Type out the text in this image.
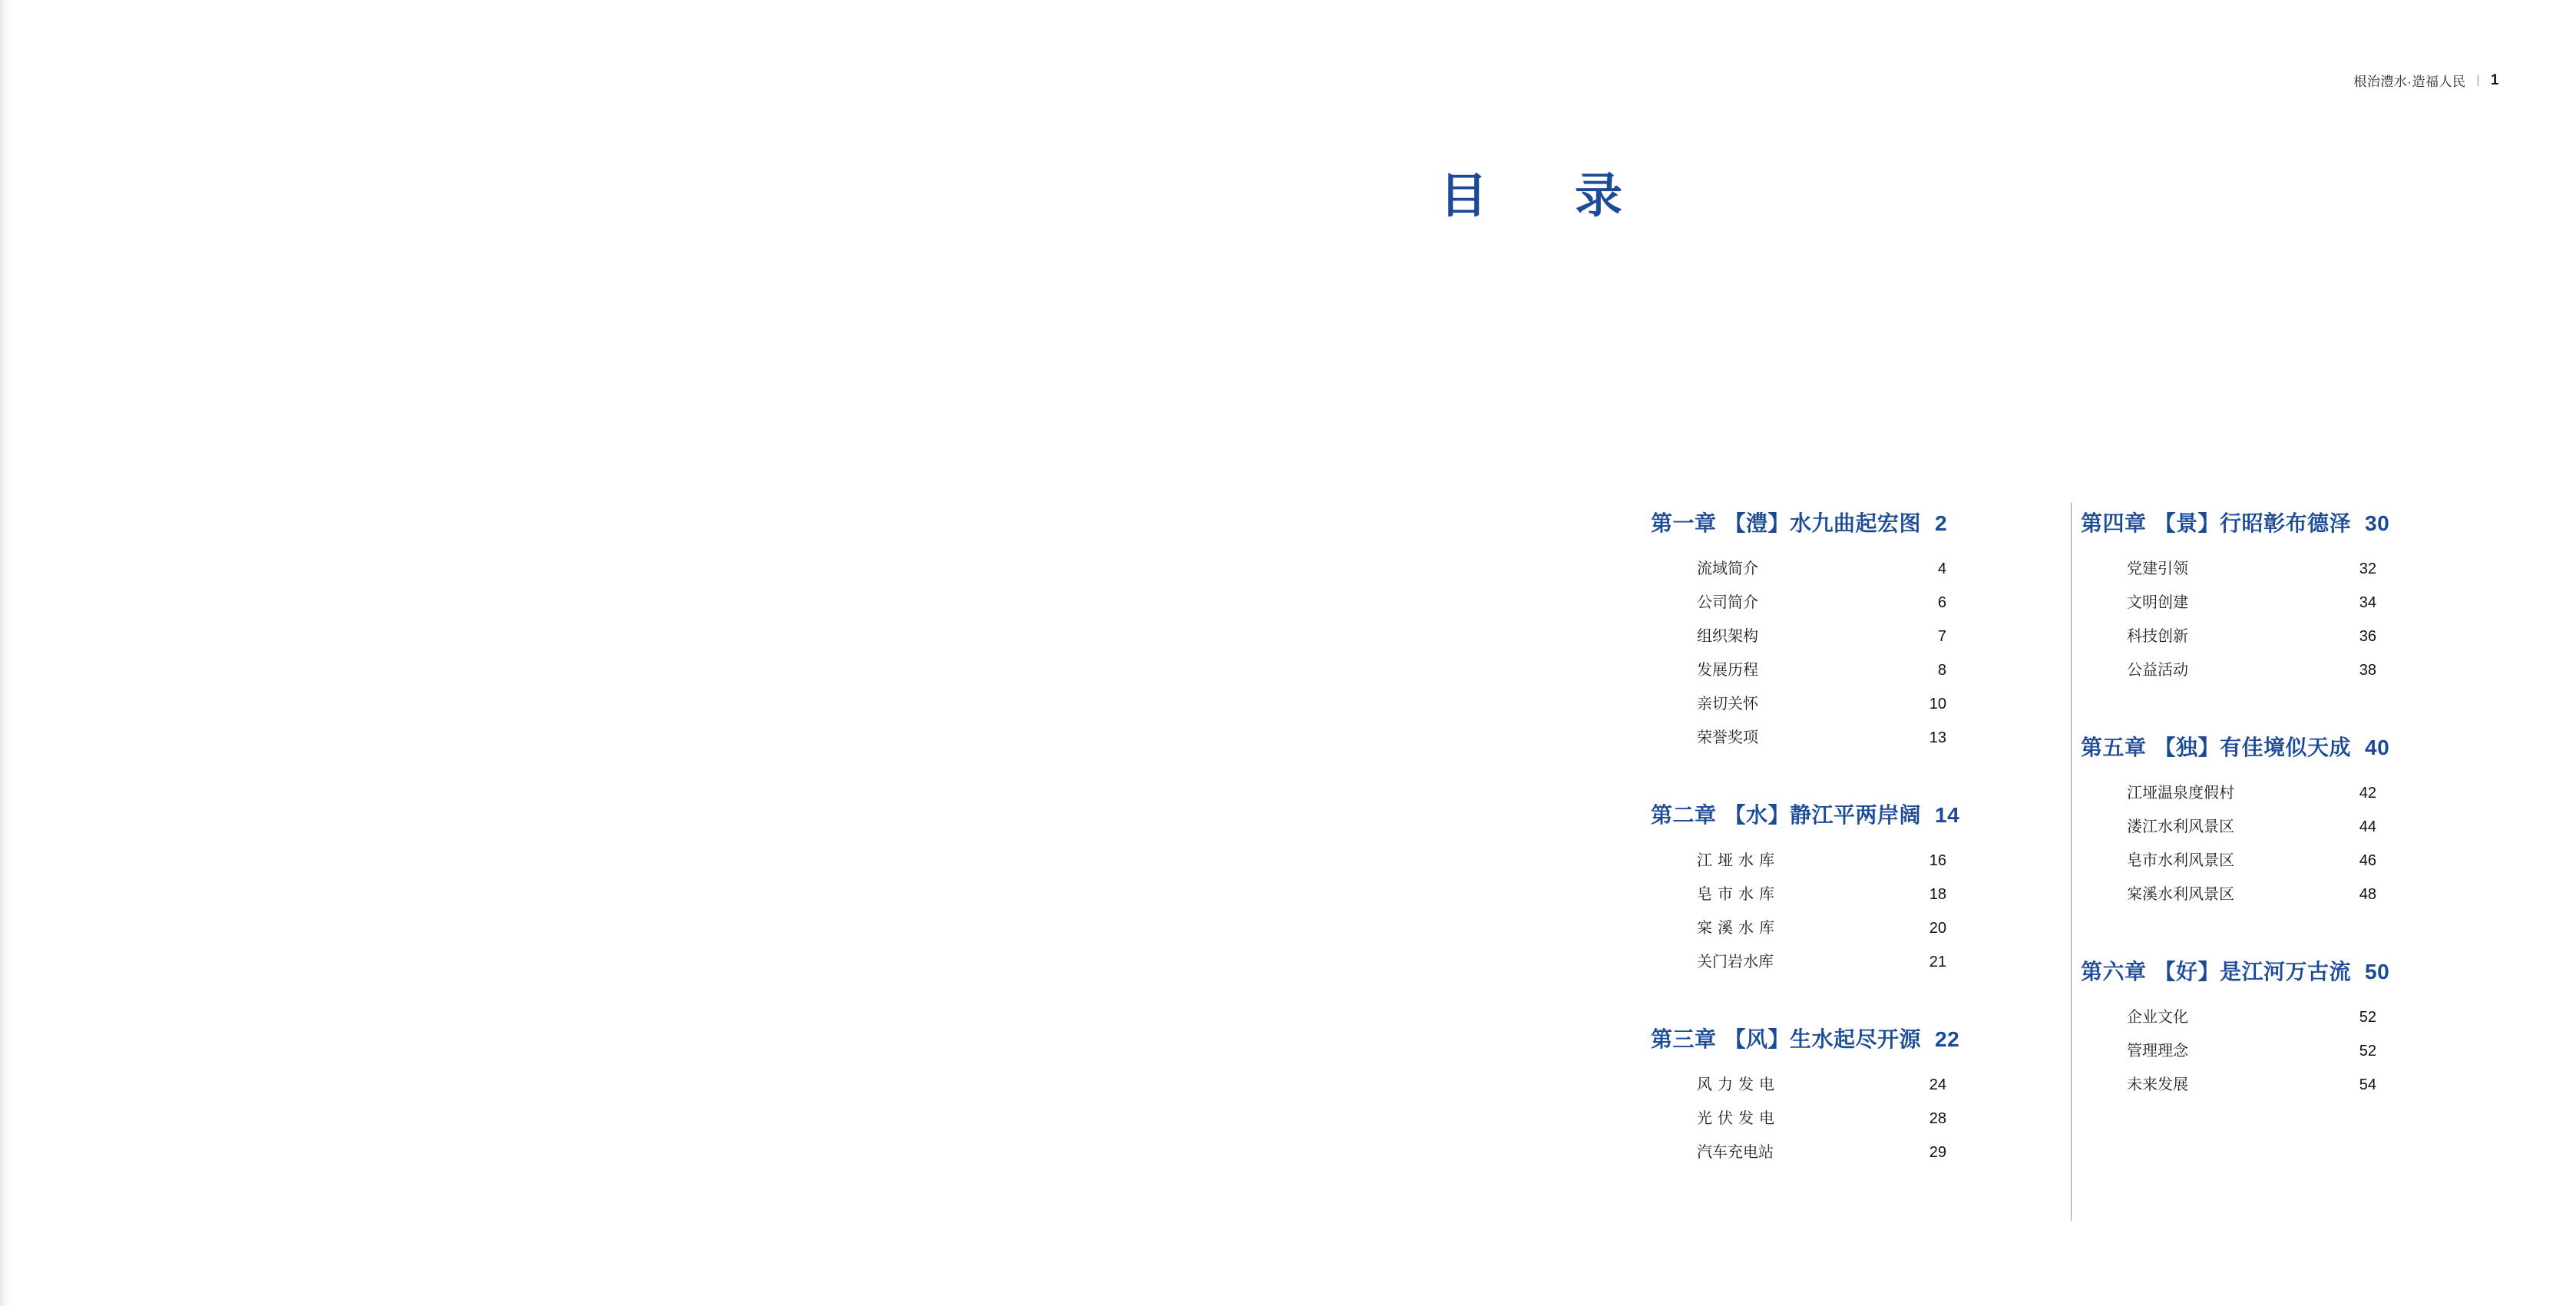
根治澧水·造福人民 | 1
目　录
第一章 【澧】水九曲起宏图 2
流域简介	4
公司简介	6
组织架构	7
发展历程	8
亲切关怀	10
荣誉奖项	13
第二章 【水】静江平两岸阔 14
江垭水库	16
皂市水库	18
宲溪水库	20
关门岩水库	21
第三章 【风】生水起尽开源 22
风力发电	24
光伏发电	28
汽车充电站	29
第四章 【景】行昭彰布德泽 30
党建引领	32
文明创建	34
科技创新	36
公益活动	38
第五章 【独】有佳境似天成 40
江垭温泉度假村	42
溇江水利风景区	44
皂市水利风景区	46
宲溪水利风景区	48
第六章 【好】是江河万古流 50
企业文化	52
管理理念	52
未来发展	54
